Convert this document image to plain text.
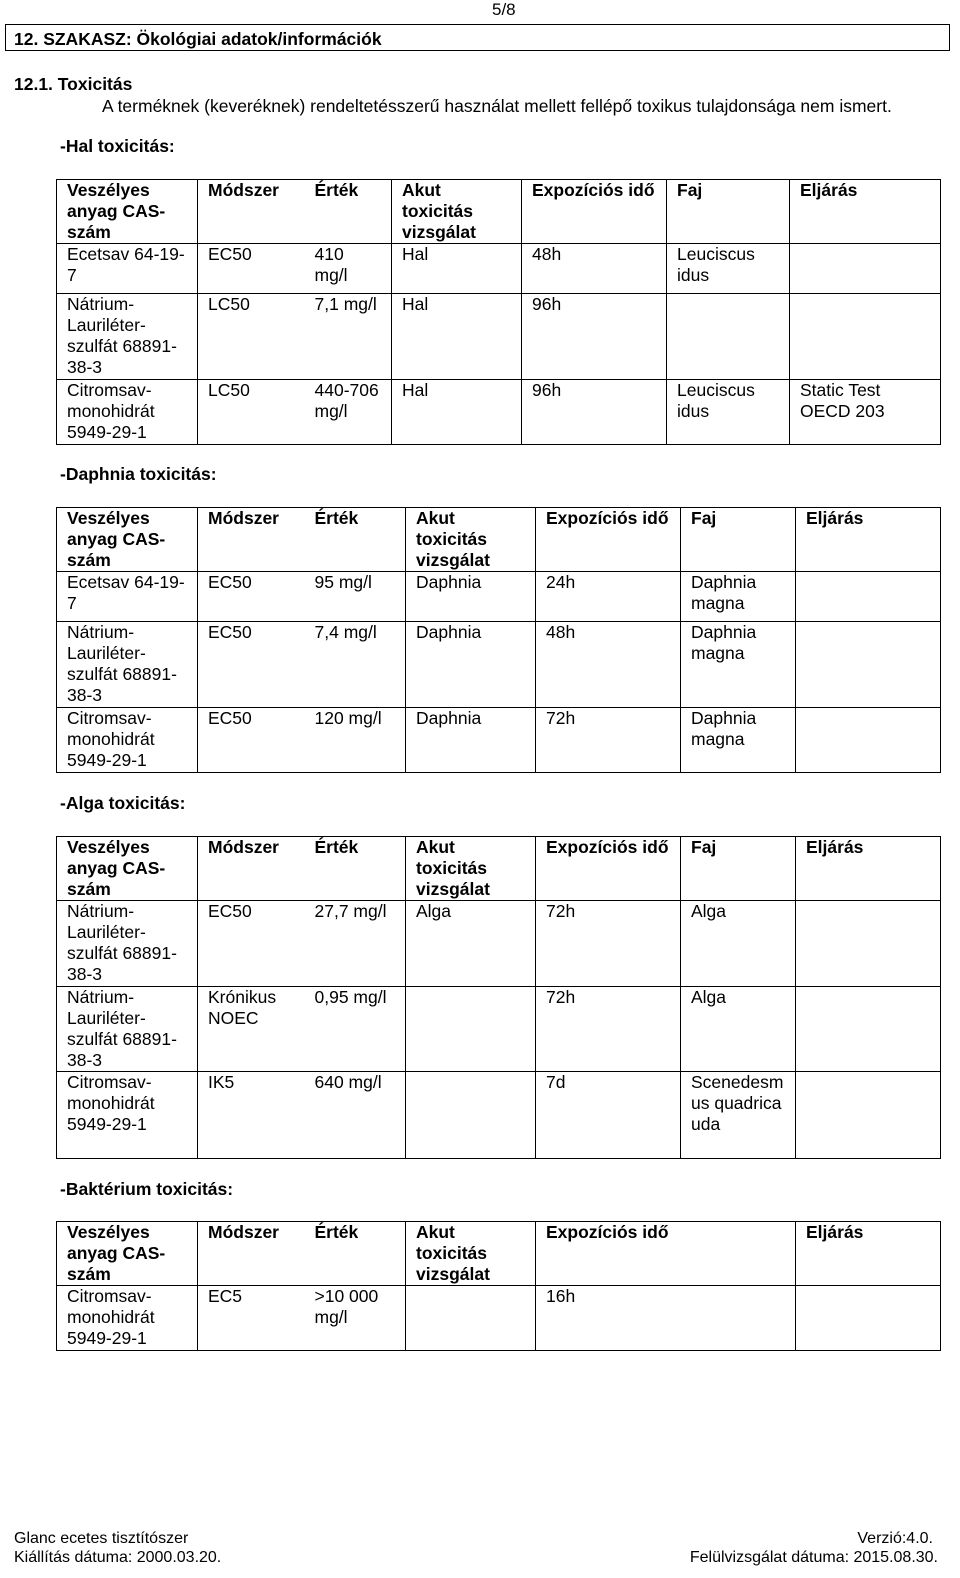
5/8
12. SZAKASZ: Ökológiai adatok/információk
12.1. Toxicitás
A terméknek (keveréknek) rendeltetésszerű használat mellett fellépő toxikus tulajdonsága nem ismert.
-Hal toxicitás:
Veszélyes anyag CAS-szám	Módszer	Érték	Akut toxicitás vizsgálat	Expozíciós idő	Faj	Eljárás
Ecetsav 64-19-7	EC50	410 mg/l	Hal	48h	Leuciscus idus	
Nátrium-Lauriléter-szulfát 68891-38-3	LC50	7,1 mg/l	Hal	96h		
Citromsav-monohidrát 5949-29-1	LC50	440-706 mg/l	Hal	96h	Leuciscus idus	Static Test OECD 203
-Daphnia toxicitás:
Veszélyes anyag CAS-szám	Módszer	Érték	Akut toxicitás vizsgálat	Expozíciós idő	Faj	Eljárás
Ecetsav 64-19-7	EC50	95 mg/l	Daphnia	24h	Daphnia magna	
Nátrium-Lauriléter-szulfát 68891-38-3	EC50	7,4 mg/l	Daphnia	48h	Daphnia magna	
Citromsav-monohidrát 5949-29-1	EC50	120 mg/l	Daphnia	72h	Daphnia magna	
-Alga toxicitás:
Veszélyes anyag CAS-szám	Módszer	Érték	Akut toxicitás vizsgálat	Expozíciós idő	Faj	Eljárás
Nátrium-Lauriléter-szulfát 68891-38-3	EC50	27,7 mg/l	Alga	72h	Alga	
Nátrium-Lauriléter-szulfát 68891-38-3	Krónikus NOEC	0,95 mg/l		72h	Alga	
Citromsav-monohidrát 5949-29-1	IK5	640 mg/l		7d	Scenedesmus quadricauda	
-Baktérium toxicitás:
Veszélyes anyag CAS-szám	Módszer	Érték	Akut toxicitás vizsgálat	Expozíciós idő		Eljárás
Citromsav-monohidrát 5949-29-1	EC5	>10 000 mg/l		16h		
Glanc ecetes tisztítószer	Verzió:4.0.
Kiállítás dátuma: 2000.03.20.	Felülvizsgálat dátuma: 2015.08.30.
